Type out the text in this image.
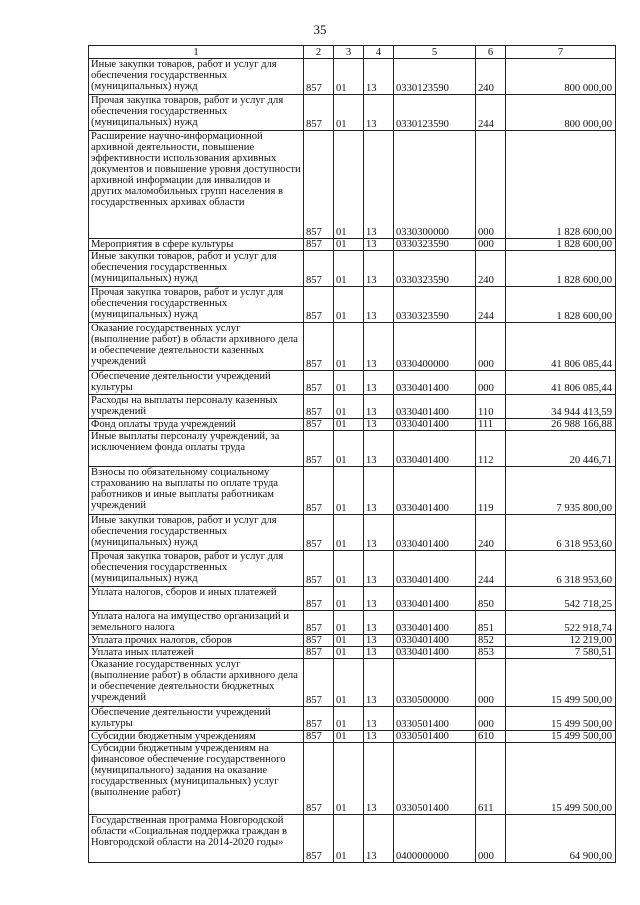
35
1	2	3	4	5	6	7
Иные закупки товаров, работ и услуг для обеспечения государственных (муниципальных) нужд	857	01	13	0330123590	240	800 000,00
Прочая закупка товаров, работ и услуг для обеспечения государственных (муниципальных) нужд	857	01	13	0330123590	244	800 000,00
Расширение научно-информационной архивной деятельности, повышение эффективности использования архивных документов и повышение уровня доступности архивной информации для инвалидов и других маломобильных групп населения в государственных архивах области	857	01	13	0330300000	000	1 828 600,00
Мероприятия в сфере культуры	857	01	13	0330323590	000	1 828 600,00
Иные закупки товаров, работ и услуг для обеспечения государственных (муниципальных) нужд	857	01	13	0330323590	240	1 828 600,00
Прочая закупка товаров, работ и услуг для обеспечения государственных (муниципальных) нужд	857	01	13	0330323590	244	1 828 600,00
Оказание государственных услуг (выполнение работ) в области архивного дела и обеспечение деятельности казенных учреждений	857	01	13	0330400000	000	41 806 085,44
Обеспечение деятельности учреждений культуры	857	01	13	0330401400	000	41 806 085,44
Расходы на выплаты персоналу казенных учреждений	857	01	13	0330401400	110	34 944 413,59
Фонд оплаты труда учреждений	857	01	13	0330401400	111	26 988 166,88
Иные выплаты персоналу учреждений, за исключением фонда оплаты труда	857	01	13	0330401400	112	20 446,71
Взносы по обязательному социальному страхованию на выплаты по оплате труда работников и иные выплаты работникам учреждений	857	01	13	0330401400	119	7 935 800,00
Иные закупки товаров, работ и услуг для обеспечения государственных (муниципальных) нужд	857	01	13	0330401400	240	6 318 953,60
Прочая закупка товаров, работ и услуг для обеспечения государственных (муниципальных) нужд	857	01	13	0330401400	244	6 318 953,60
Уплата налогов, сборов и иных платежей	857	01	13	0330401400	850	542 718,25
Уплата налога на имущество организаций и земельного налога	857	01	13	0330401400	851	522 918,74
Уплата прочих налогов, сборов	857	01	13	0330401400	852	12 219,00
Уплата иных платежей	857	01	13	0330401400	853	7 580,51
Оказание государственных услуг (выполнение работ) в области архивного дела и обеспечение деятельности бюджетных учреждений	857	01	13	0330500000	000	15 499 500,00
Обеспечение деятельности учреждений культуры	857	01	13	0330501400	000	15 499 500,00
Субсидии бюджетным учреждениям	857	01	13	0330501400	610	15 499 500,00
Субсидии бюджетным учреждениям на финансовое обеспечение государственного (муниципального) задания на оказание государственных (муниципальных) услуг (выполнение работ)	857	01	13	0330501400	611	15 499 500,00
Государственная программа Новгородской области «Социальная поддержка граждан в Новгородской области на 2014-2020 годы»	857	01	13	0400000000	000	64 900,00
